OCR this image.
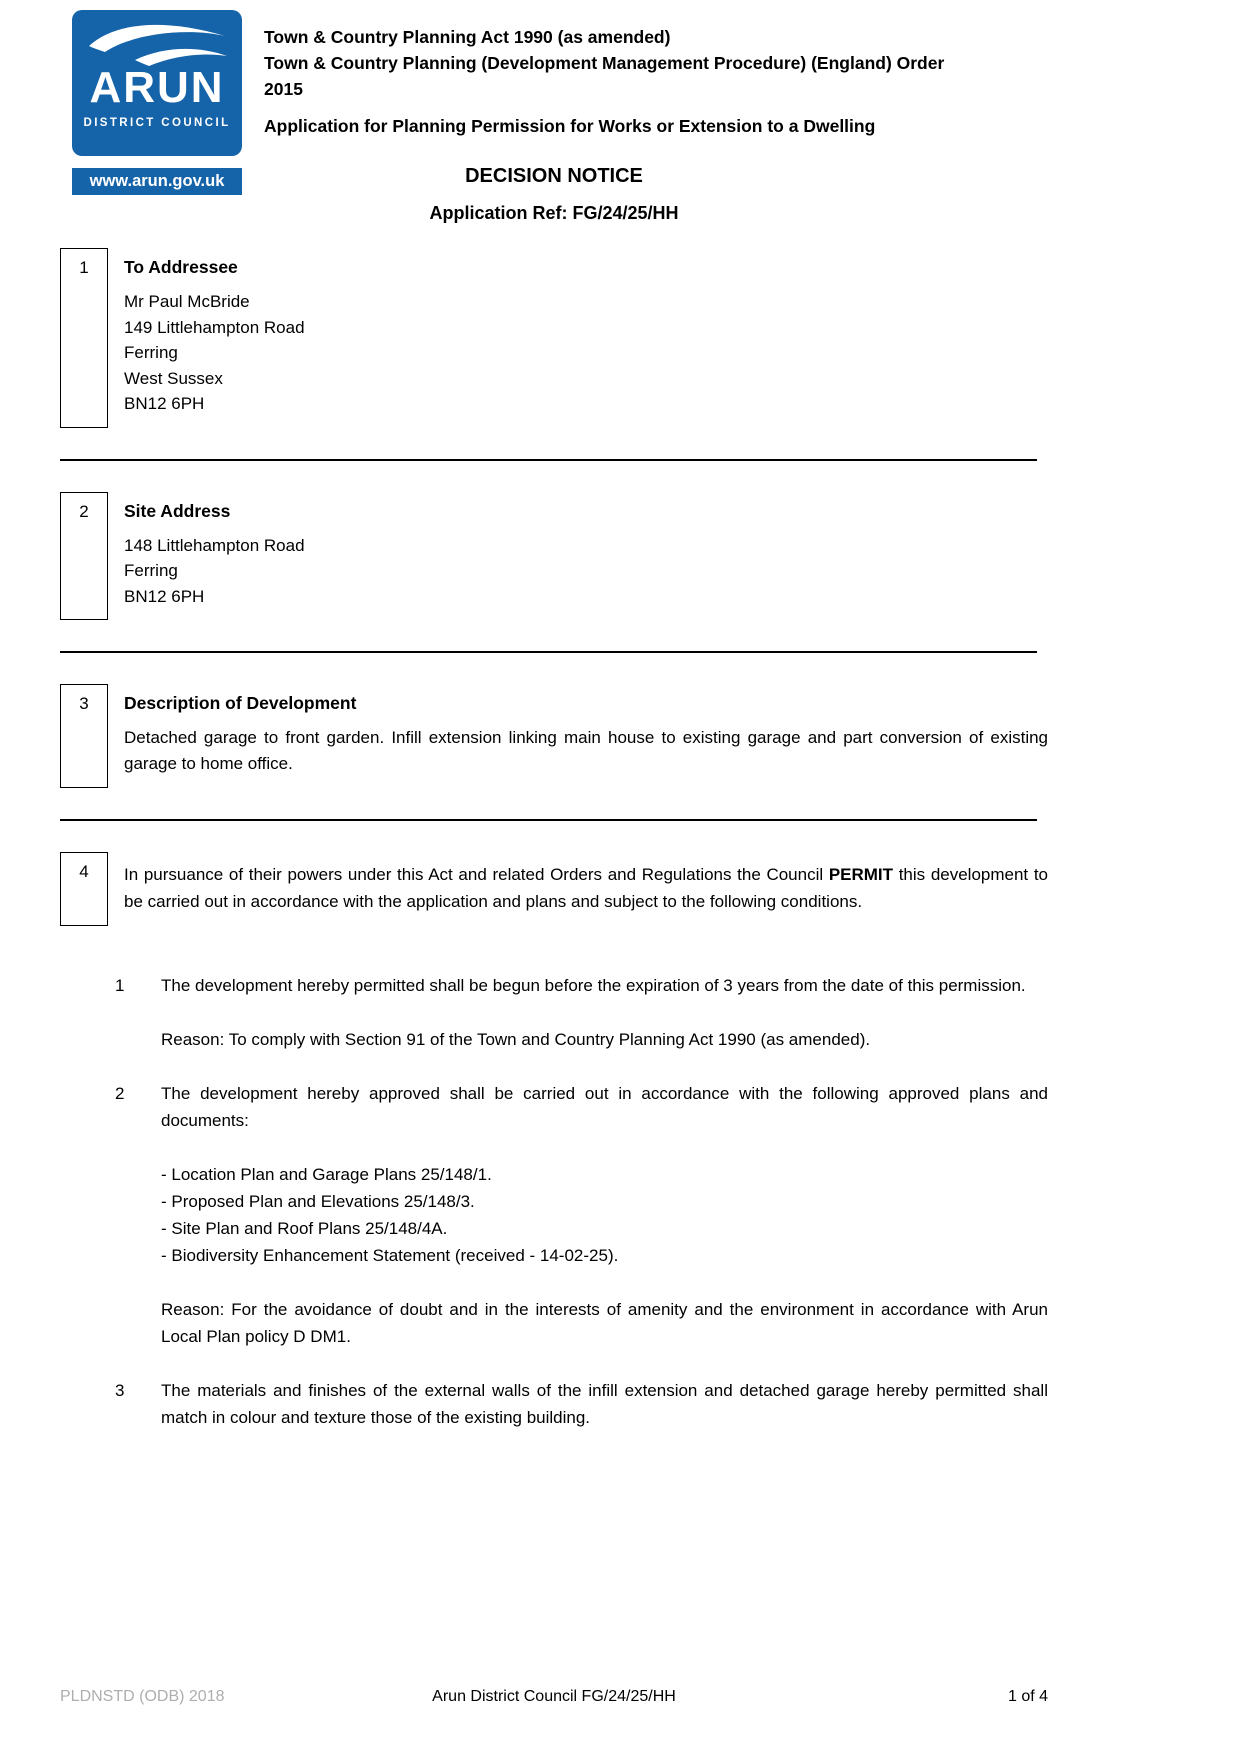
ARUN
DISTRICT COUNCIL
www.arun.gov.uk
Town & Country Planning Act 1990 (as amended)
Town & Country Planning (Development Management Procedure) (England) Order
2015
Application for Planning Permission for Works or Extension to a Dwelling
DECISION NOTICE
Application Ref: FG/24/25/HH
1	To Addressee
Mr Paul McBride
149 Littlehampton Road
Ferring
West Sussex
BN12 6PH
2	Site Address
148 Littlehampton Road
Ferring
BN12 6PH
3	Description of Development

Detached garage to front garden. Infill extension linking main house to existing garage and part conversion of existing garage to home office.

4	In pursuance of their powers under this Act and related Orders and Regulations the Council PERMIT this development to be carried out in accordance with the application and plans and subject to the following conditions.

1	The development hereby permitted shall be begun before the expiration of 3 years from the date of this permission.

Reason: To comply with Section 91 of the Town and Country Planning Act 1990 (as amended).

2	The development hereby approved shall be carried out in accordance with the following approved plans and documents:

- Location Plan and Garage Plans 25/148/1.
- Proposed Plan and Elevations 25/148/3.
- Site Plan and Roof Plans 25/148/4A.
- Biodiversity Enhancement Statement (received - 14-02-25).

Reason: For the avoidance of doubt and in the interests of amenity and the environment in accordance with Arun Local Plan policy D DM1.

3	The materials and finishes of the external walls of the infill extension and detached garage hereby permitted shall match in colour and texture those of the existing building.

PLDNSTD (ODB) 2018	Arun District Council FG/24/25/HH	1 of 4
